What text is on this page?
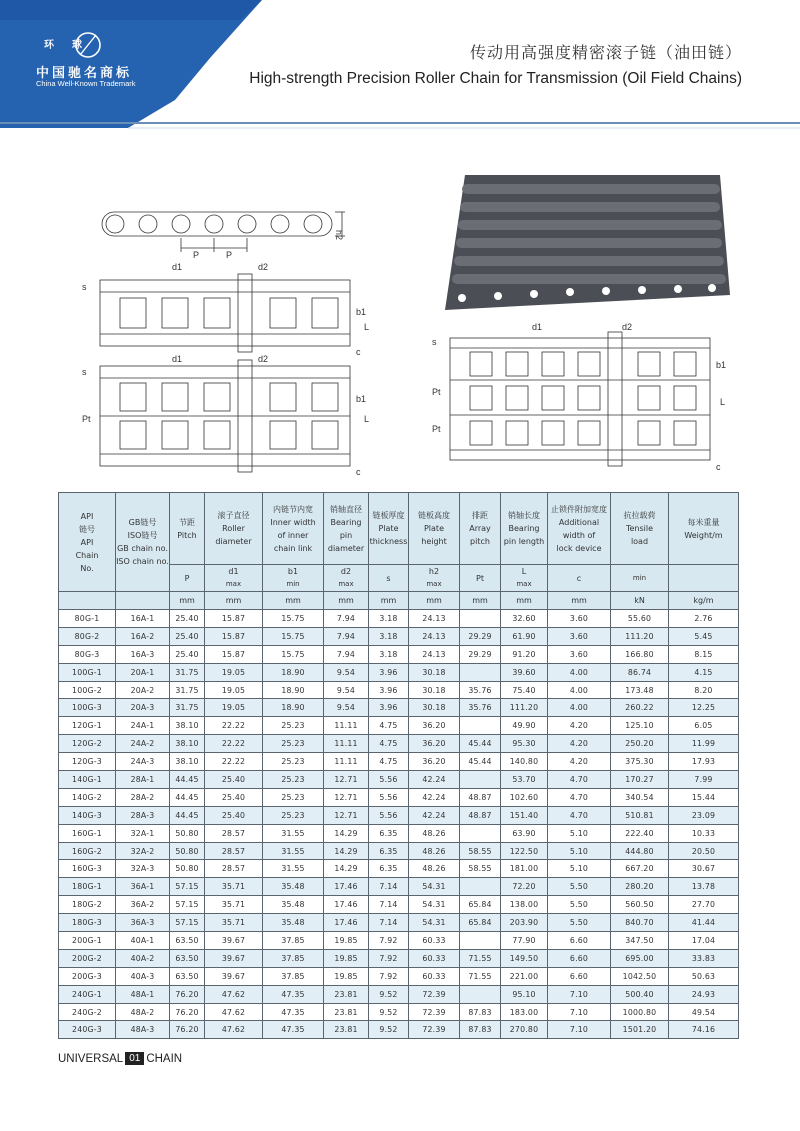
环球
中国驰名商标
China Well-Known Trademark
传动用高强度精密滚子链（油田链）
High-strength Precision Roller Chain for Transmission (Oil Field Chains)
P	P
h2
d1	d2
s
b1
L
c
d1	d2
s
Pt
b1
L
c
d1	d2
s
Pt
Pt
b1
L
c
API
链号
API
Chain
No.	GB链号
ISO链号
GB chain no.
ISO chain no.	节距
Pitch	滚子直径
Roller
diameter	内链节内宽
Inner width
of inner
chain link	销轴直径
Bearing
pin diameter	链板厚度
Plate
thickness	链板高度
Plate
height	排距
Array
pitch	销轴长度
Bearing
pin length	止锁件附加宽度
Additional
width of
lock device	抗拉载荷
Tensile
load	每米重量
Weight/m

		P	d1
max	b1
min	d2
max	s	h2
max	Pt	L
max	c	min	

		mm	mm	mm	mm	mm	mm	mm	mm	mm	kN	kg/m
80G-1	16A-1	25.40	15.87	15.75	7.94	3.18	24.13		32.60	3.60	55.60	2.76
80G-2	16A-2	25.40	15.87	15.75	7.94	3.18	24.13	29.29	61.90	3.60	111.20	5.45
80G-3	16A-3	25.40	15.87	15.75	7.94	3.18	24.13	29.29	91.20	3.60	166.80	8.15
100G-1	20A-1	31.75	19.05	18.90	9.54	3.96	30.18		39.60	4.00	86.74	4.15
100G-2	20A-2	31.75	19.05	18.90	9.54	3.96	30.18	35.76	75.40	4.00	173.48	8.20
100G-3	20A-3	31.75	19.05	18.90	9.54	3.96	30.18	35.76	111.20	4.00	260.22	12.25
120G-1	24A-1	38.10	22.22	25.23	11.11	4.75	36.20		49.90	4.20	125.10	6.05
120G-2	24A-2	38.10	22.22	25.23	11.11	4.75	36.20	45.44	95.30	4.20	250.20	11.99
120G-3	24A-3	38.10	22.22	25.23	11.11	4.75	36.20	45.44	140.80	4.20	375.30	17.93
140G-1	28A-1	44.45	25.40	25.23	12.71	5.56	42.24		53.70	4.70	170.27	7.99
140G-2	28A-2	44.45	25.40	25.23	12.71	5.56	42.24	48.87	102.60	4.70	340.54	15.44
140G-3	28A-3	44.45	25.40	25.23	12.71	5.56	42.24	48.87	151.40	4.70	510.81	23.09
160G-1	32A-1	50.80	28.57	31.55	14.29	6.35	48.26		63.90	5.10	222.40	10.33
160G-2	32A-2	50.80	28.57	31.55	14.29	6.35	48.26	58.55	122.50	5.10	444.80	20.50
160G-3	32A-3	50.80	28.57	31.55	14.29	6.35	48.26	58.55	181.00	5.10	667.20	30.67
180G-1	36A-1	57.15	35.71	35.48	17.46	7.14	54.31		72.20	5.50	280.20	13.78
180G-2	36A-2	57.15	35.71	35.48	17.46	7.14	54.31	65.84	138.00	5.50	560.50	27.70
180G-3	36A-3	57.15	35.71	35.48	17.46	7.14	54.31	65.84	203.90	5.50	840.70	41.44
200G-1	40A-1	63.50	39.67	37.85	19.85	7.92	60.33		77.90	6.60	347.50	17.04
200G-2	40A-2	63.50	39.67	37.85	19.85	7.92	60.33	71.55	149.50	6.60	695.00	33.83
200G-3	40A-3	63.50	39.67	37.85	19.85	7.92	60.33	71.55	221.00	6.60	1042.50	50.63
240G-1	48A-1	76.20	47.62	47.35	23.81	9.52	72.39		95.10	7.10	500.40	24.93
240G-2	48A-2	76.20	47.62	47.35	23.81	9.52	72.39	87.83	183.00	7.10	1000.80	49.54
240G-3	48A-3	76.20	47.62	47.35	23.81	9.52	72.39	87.83	270.80	7.10	1501.20	74.16
UNIVERSAL 01 CHAIN
